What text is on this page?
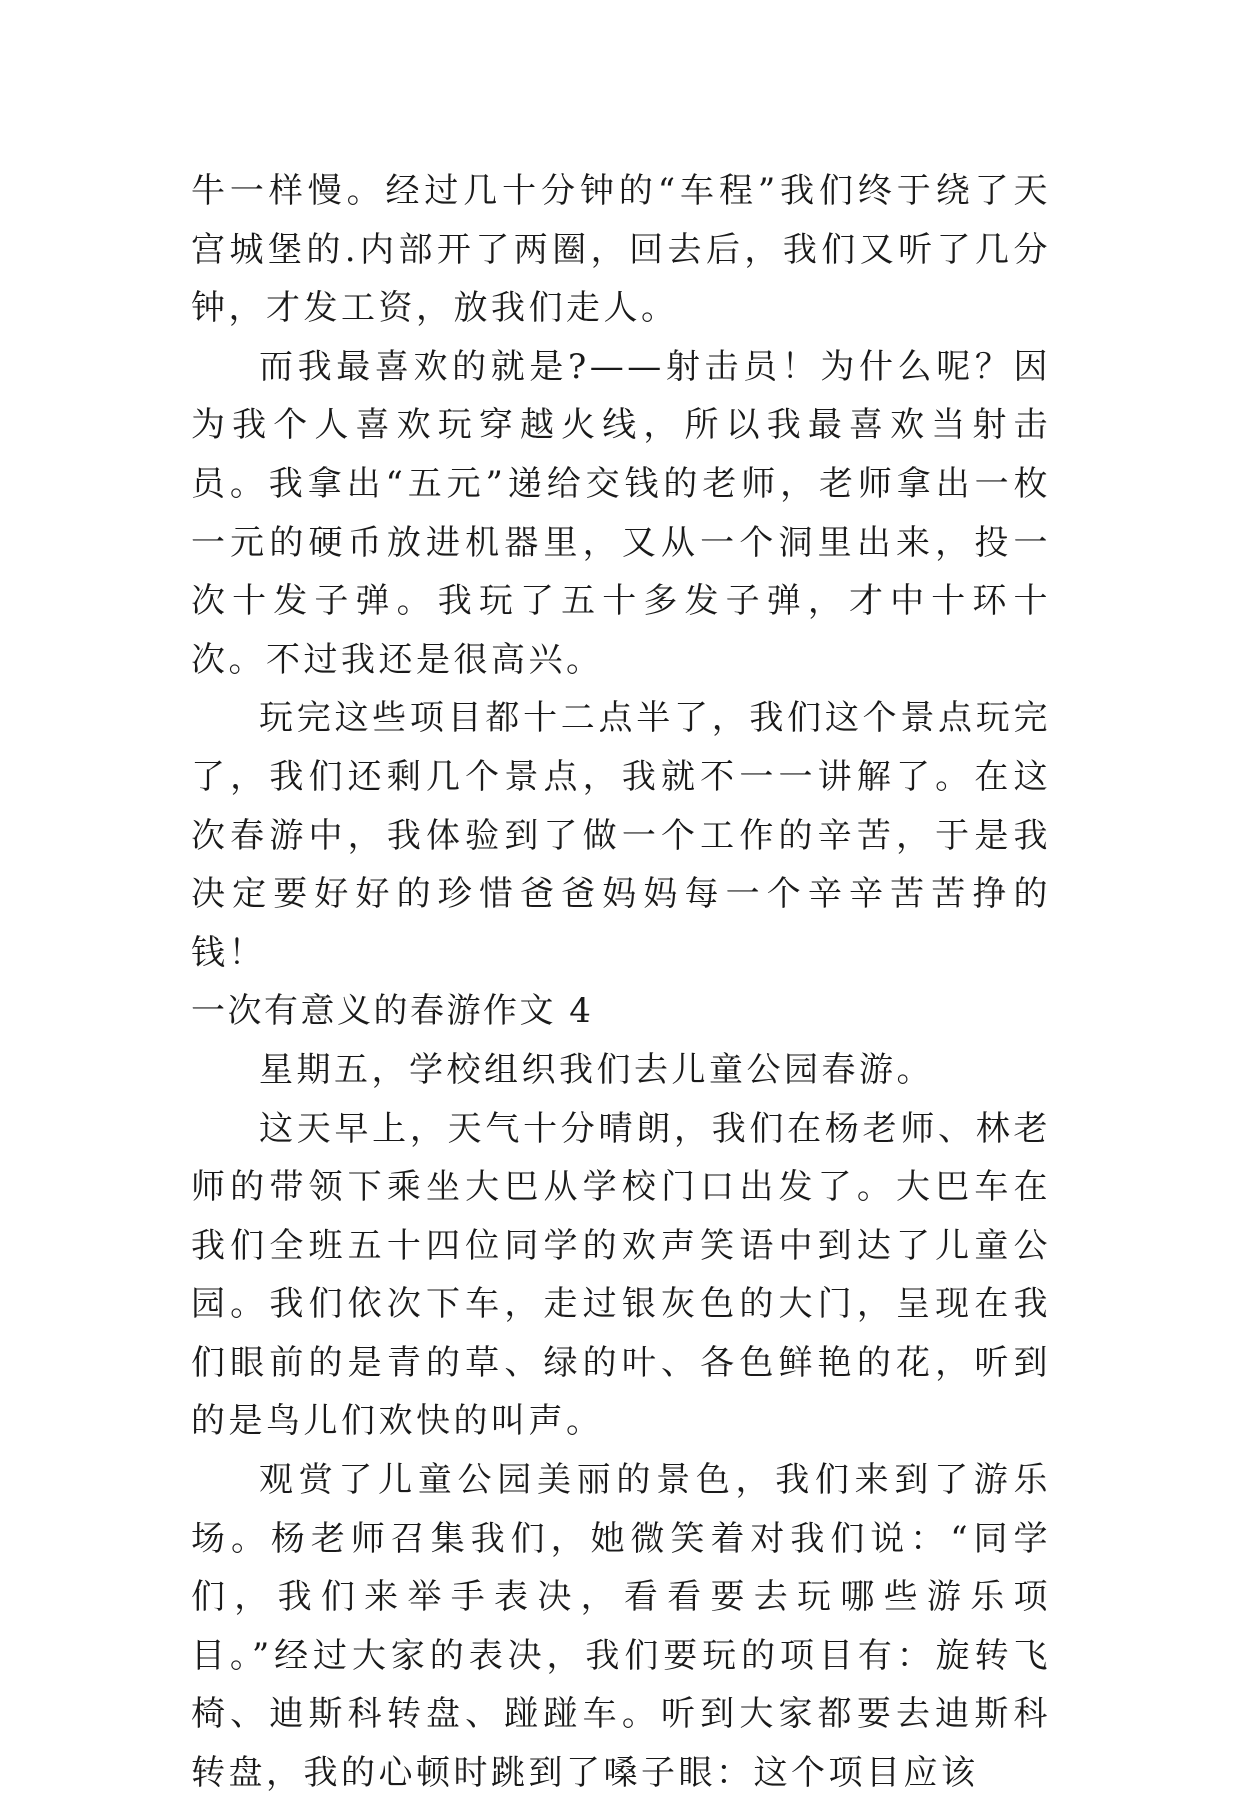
牛一样慢。经过几十分钟的“车程”我们终于绕了天宫城堡的.内部开了两圈，回去后，我们又听了几分钟，才发工资，放我们走人。

而我最喜欢的就是?——射击员！为什么呢？因为我个人喜欢玩穿越火线，所以我最喜欢当射击员。我拿出“五元”递给交钱的老师，老师拿出一枚一元的硬币放进机器里，又从一个洞里出来，投一次十发子弹。我玩了五十多发子弹，才中十环十次。不过我还是很高兴。

玩完这些项目都十二点半了，我们这个景点玩完了，我们还剩几个景点，我就不一一讲解了。在这次春游中，我体验到了做一个工作的辛苦，于是我决定要好好的珍惜爸爸妈妈每一个辛辛苦苦挣的钱！

一次有意义的春游作文 4

星期五，学校组织我们去儿童公园春游。

这天早上，天气十分晴朗，我们在杨老师、林老师的带领下乘坐大巴从学校门口出发了。大巴车在我们全班五十四位同学的欢声笑语中到达了儿童公园。我们依次下车，走过银灰色的大门，呈现在我们眼前的是青的草、绿的叶、各色鲜艳的花，听到的是鸟儿们欢快的叫声。

观赏了儿童公园美丽的景色，我们来到了游乐场。杨老师召集我们，她微笑着对我们说：“同学们，我们来举手表决，看看要去玩哪些游乐项目。”经过大家的表决，我们要玩的项目有：旋转飞椅、迪斯科转盘、踫踫车。听到大家都要去迪斯科转盘，我的心顿时跳到了嗓子眼：这个项目应该
